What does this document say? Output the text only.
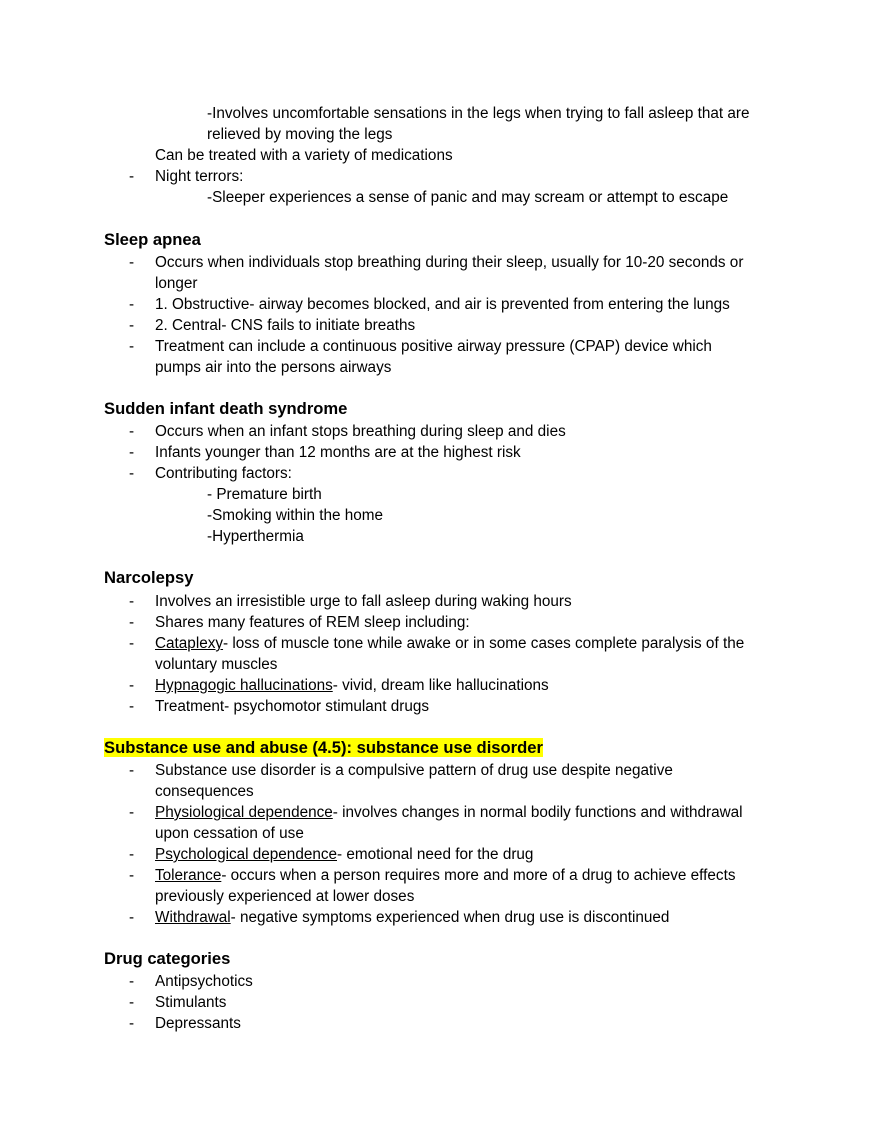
-Involves uncomfortable sensations in the legs when trying to fall asleep that are
relieved by moving the legs
Can be treated with a variety of medications
- Night terrors:
-Sleeper experiences a sense of panic and may scream or attempt to escape
Sleep apnea
- Occurs when individuals stop breathing during their sleep, usually for 10-20 seconds or
longer
- 1. Obstructive- airway becomes blocked, and air is prevented from entering the lungs
- 2. Central- CNS fails to initiate breaths
- Treatment can include a continuous positive airway pressure (CPAP) device which
pumps air into the persons airways
Sudden infant death syndrome
- Occurs when an infant stops breathing during sleep and dies
- Infants younger than 12 months are at the highest risk
- Contributing factors:
- Premature birth
-Smoking within the home
-Hyperthermia
Narcolepsy
- Involves an irresistible urge to fall asleep during waking hours
- Shares many features of REM sleep including:
- Cataplexy- loss of muscle tone while awake or in some cases complete paralysis of the
voluntary muscles
- Hypnagogic hallucinations- vivid, dream like hallucinations
- Treatment- psychomotor stimulant drugs
Substance use and abuse (4.5): substance use disorder
- Substance use disorder is a compulsive pattern of drug use despite negative
consequences
- Physiological dependence- involves changes in normal bodily functions and withdrawal
upon cessation of use
- Psychological dependence- emotional need for the drug
- Tolerance- occurs when a person requires more and more of a drug to achieve effects
previously experienced at lower doses
- Withdrawal- negative symptoms experienced when drug use is discontinued
Drug categories
- Antipsychotics
- Stimulants
- Depressants
